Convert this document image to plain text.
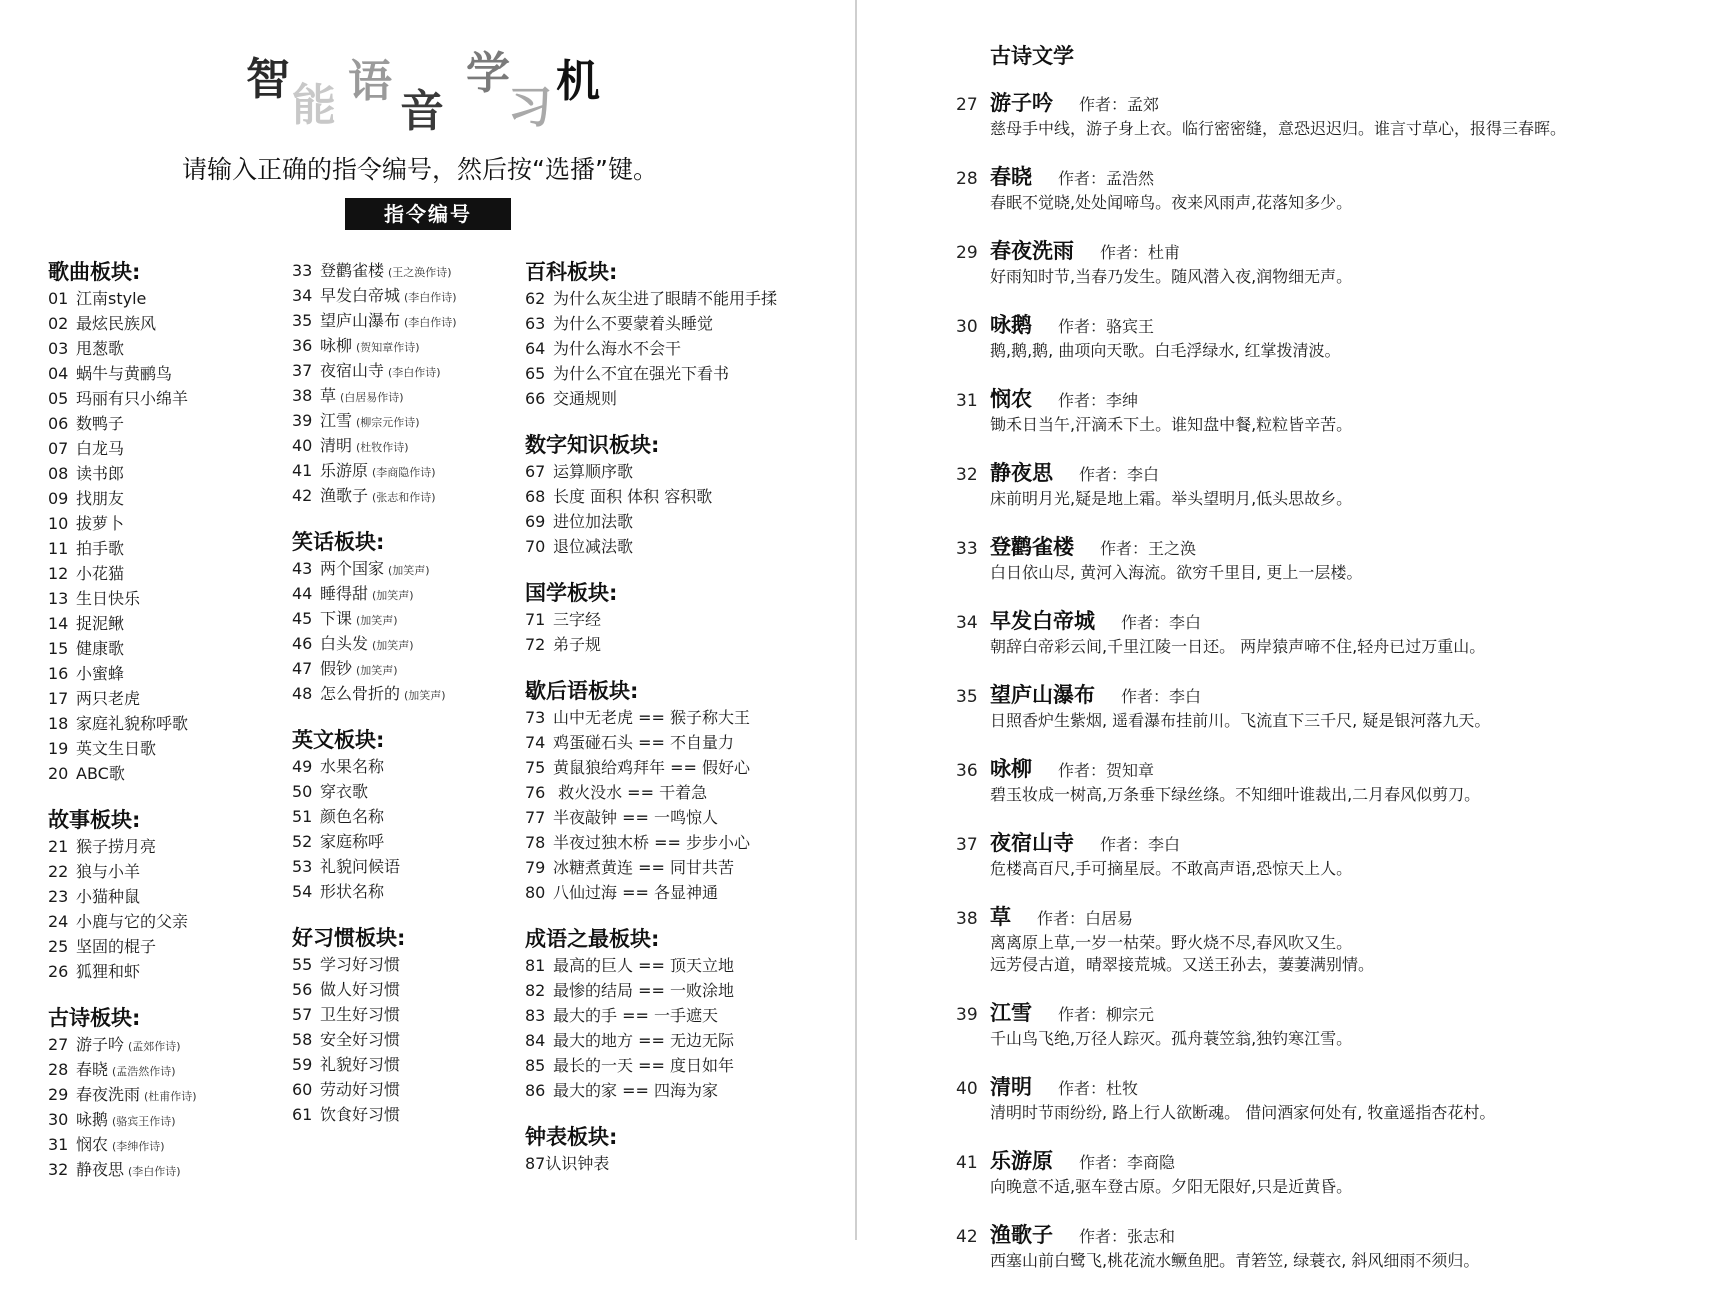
智
能 语
音
学
习
机
请输入正确的指令编号，然后按“选播”键。
指令编号
歌曲板块:
01 江南style
02 最炫民族风
03 甩葱歌
04 蜗牛与黄鹂鸟
05 玛丽有只小绵羊
06 数鸭子
07 白龙马
08 读书郎
09 找朋友
10 拔萝卜
11 拍手歌
12 小花猫
13 生日快乐
14 捉泥鳅
15 健康歌
16 小蜜蜂
17 两只老虎
18 家庭礼貌称呼歌
19 英文生日歌
20 ABC歌
故事板块:
21 猴子捞月亮
22 狼与小羊
23 小猫种鼠
24 小鹿与它的父亲
25 坚固的棍子
26 狐狸和虾
古诗板块:
27 游子吟 (孟郊作诗)
28 春晓 (孟浩然作诗)
29 春夜洗雨 (杜甫作诗)
30 咏鹅 (骆宾王作诗)
31 悯农 (李绅作诗)
32 静夜思 (李白作诗)
33 登鹳雀楼 (王之涣作诗)
34 早发白帝城 (李白作诗)
35 望庐山瀑布 (李白作诗)
36 咏柳 (贺知章作诗)
37 夜宿山寺 (李白作诗)
38 草 (白居易作诗)
39 江雪 (柳宗元作诗)
40 清明 (杜牧作诗)
41 乐游原 (李商隐作诗)
42 渔歌子 (张志和作诗)
笑话板块:
43 两个国家 (加笑声)
44 睡得甜 (加笑声)
45 下课 (加笑声)
46 白头发 (加笑声)
47 假钞 (加笑声)
48 怎么骨折的 (加笑声)
英文板块:
49 水果名称
50 穿衣歌
51 颜色名称
52 家庭称呼
53 礼貌问候语
54 形状名称
好习惯板块:
55 学习好习惯
56 做人好习惯
57 卫生好习惯
58 安全好习惯
59 礼貌好习惯
60 劳动好习惯
61 饮食好习惯
百科板块:
62 为什么灰尘进了眼睛不能用手揉
63 为什么不要蒙着头睡觉
64 为什么海水不会干
65 为什么不宜在强光下看书
66 交通规则
数字知识板块:
67 运算顺序歌
68 长度 面积 体积 容积歌
69 进位加法歌
70 退位减法歌
国学板块:
71 三字经
72 弟子规
歇后语板块:
73 山中无老虎 == 猴子称大王
74 鸡蛋碰石头 == 不自量力
75 黄鼠狼给鸡拜年 == 假好心
76 救火没水 == 干着急
77 半夜敲钟 == 一鸣惊人
78 半夜过独木桥 == 步步小心
79 冰糖煮黄连 == 同甘共苦
80 八仙过海 == 各显神通
成语之最板块:
81 最高的巨人 == 顶天立地
82 最惨的结局 == 一败涂地
83 最大的手 == 一手遮天
84 最大的地方 == 无边无际
85 最长的一天 == 度日如年
86 最大的家 == 四海为家
钟表板块:
87认识钟表
古诗文学
27 游子吟 作者：孟郊
慈母手中线，游子身上衣。临行密密缝，意恐迟迟归。谁言寸草心，报得三春晖。
28 春晓 作者：孟浩然
春眠不觉晓,处处闻啼鸟。夜来风雨声,花落知多少。
29 春夜洗雨 作者：杜甫
好雨知时节,当春乃发生。随风潜入夜,润物细无声。
30 咏鹅 作者：骆宾王
鹅,鹅,鹅, 曲项向天歌。白毛浮绿水, 红掌拨清波。
31 悯农 作者：李绅
锄禾日当午,汗滴禾下土。谁知盘中餐,粒粒皆辛苦。
32 静夜思 作者：李白
床前明月光,疑是地上霜。举头望明月,低头思故乡。
33 登鹳雀楼 作者：王之涣
白日依山尽, 黄河入海流。欲穷千里目, 更上一层楼。
34 早发白帝城 作者：李白
朝辞白帝彩云间,千里江陵一日还。 两岸猿声啼不住,轻舟已过万重山。
35 望庐山瀑布 作者：李白
日照香炉生紫烟, 遥看瀑布挂前川。飞流直下三千尺, 疑是银河落九天。
36 咏柳 作者：贺知章
碧玉妆成一树高,万条垂下绿丝绦。不知细叶谁裁出,二月春风似剪刀。
37 夜宿山寺 作者：李白
危楼高百尺,手可摘星辰。不敢高声语,恐惊天上人。
38 草 作者：白居易
离离原上草,一岁一枯荣。野火烧不尽,春风吹又生。
远芳侵古道，晴翠接荒城。又送王孙去，萋萋满别情。
39 江雪 作者：柳宗元
千山鸟飞绝,万径人踪灭。孤舟蓑笠翁,独钓寒江雪。
40 清明 作者：杜牧
清明时节雨纷纷, 路上行人欲断魂。 借问酒家何处有, 牧童遥指杏花村。
41 乐游原 作者：李商隐
向晚意不适,驱车登古原。夕阳无限好,只是近黄昏。
42 渔歌子 作者：张志和
西塞山前白鹭飞,桃花流水鳜鱼肥。青箬笠, 绿蓑衣, 斜风细雨不须归。
